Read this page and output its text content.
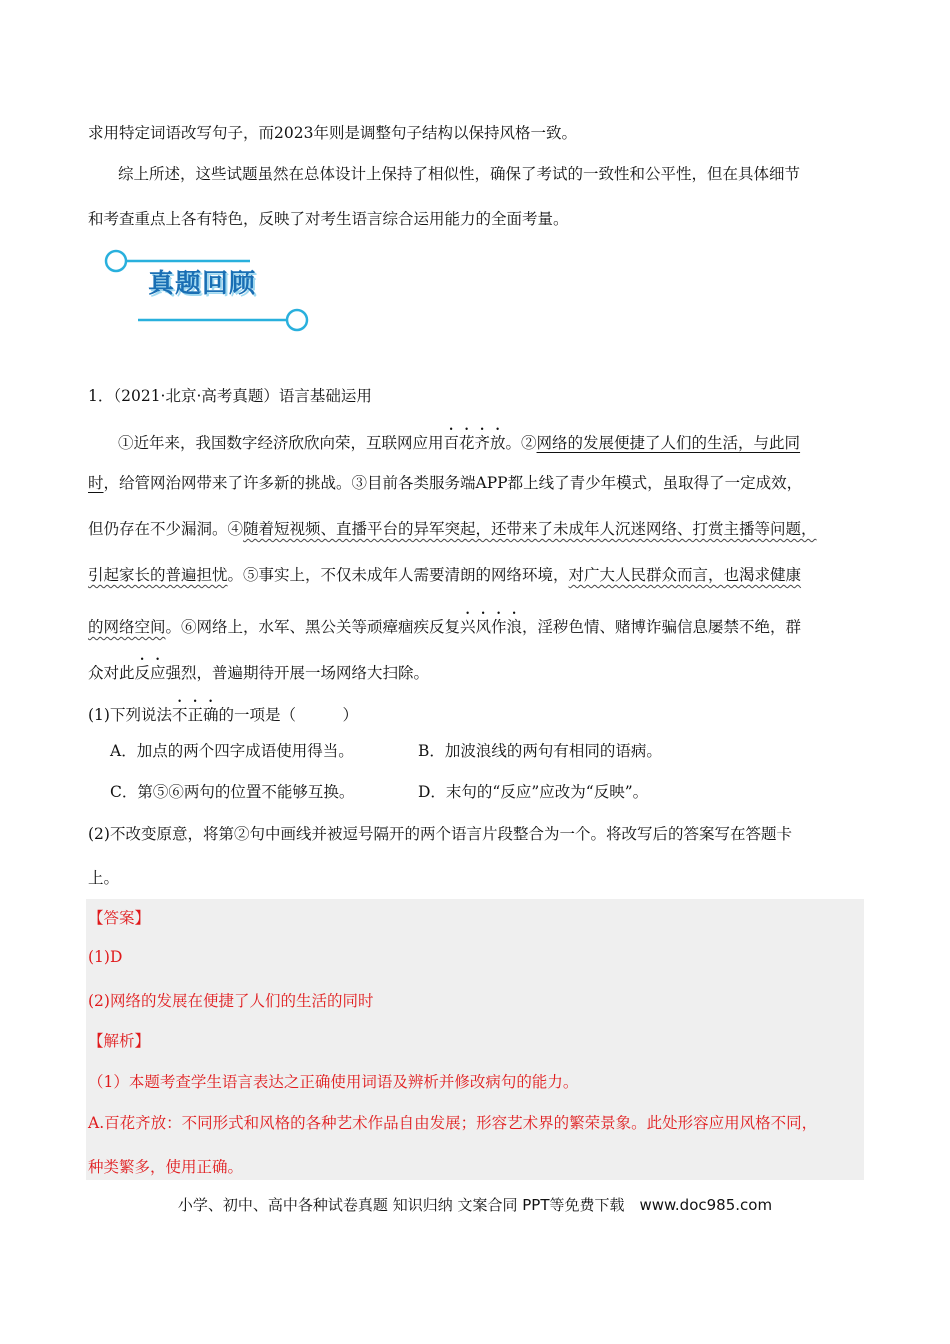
求用特定词语改写句子，而2023年则是调整句子结构以保持风格一致。
综上所述，这些试题虽然在总体设计上保持了相似性，确保了考试的一致性和公平性，但在具体细节
和考查重点上各有特色，反映了对考生语言综合运用能力的全面考量。
真题回顾
1．（2021·北京·高考真题）语言基础运用
①近年来，我国数字经济欣欣向荣，互联网应用百花齐放。②网络的发展便捷了人们的生活，与此同
时，给管网治网带来了许多新的挑战。③目前各类服务端APP都上线了青少年模式，虽取得了一定成效，
但仍存在不少漏洞。④随着短视频、直播平台的异军突起，还带来了未成年人沉迷网络、打赏主播等问题，
引起家长的普遍担忧。⑤事实上，不仅未成年人需要清朗的网络环境，对广大人民群众而言，也渴求健康
的网络空间。⑥网络上，水军、黑公关等顽瘴痼疾反复兴风作浪，淫秽色情、赌博诈骗信息屡禁不绝，群
众对此反应强烈，普遍期待开展一场网络大扫除。
(1)下列说法不正确的一项是（　　　）
A．加点的两个四字成语使用得当。	B．加波浪线的两句有相同的语病。
C．第⑤⑥两句的位置不能够互换。	D．末句的“反应”应改为“反映”。
(2)不改变原意，将第②句中画线并被逗号隔开的两个语言片段整合为一个。将改写后的答案写在答题卡
上。
【答案】
(1)D
(2)网络的发展在便捷了人们的生活的同时
【解析】
（1）本题考查学生语言表达之正确使用词语及辨析并修改病句的能力。
A.百花齐放：不同形式和风格的各种艺术作品自由发展；形容艺术界的繁荣景象。此处形容应用风格不同，
种类繁多，使用正确。
小学、初中、高中各种试卷真题 知识归纳 文案合同 PPT等免费下载　www.doc985.com
